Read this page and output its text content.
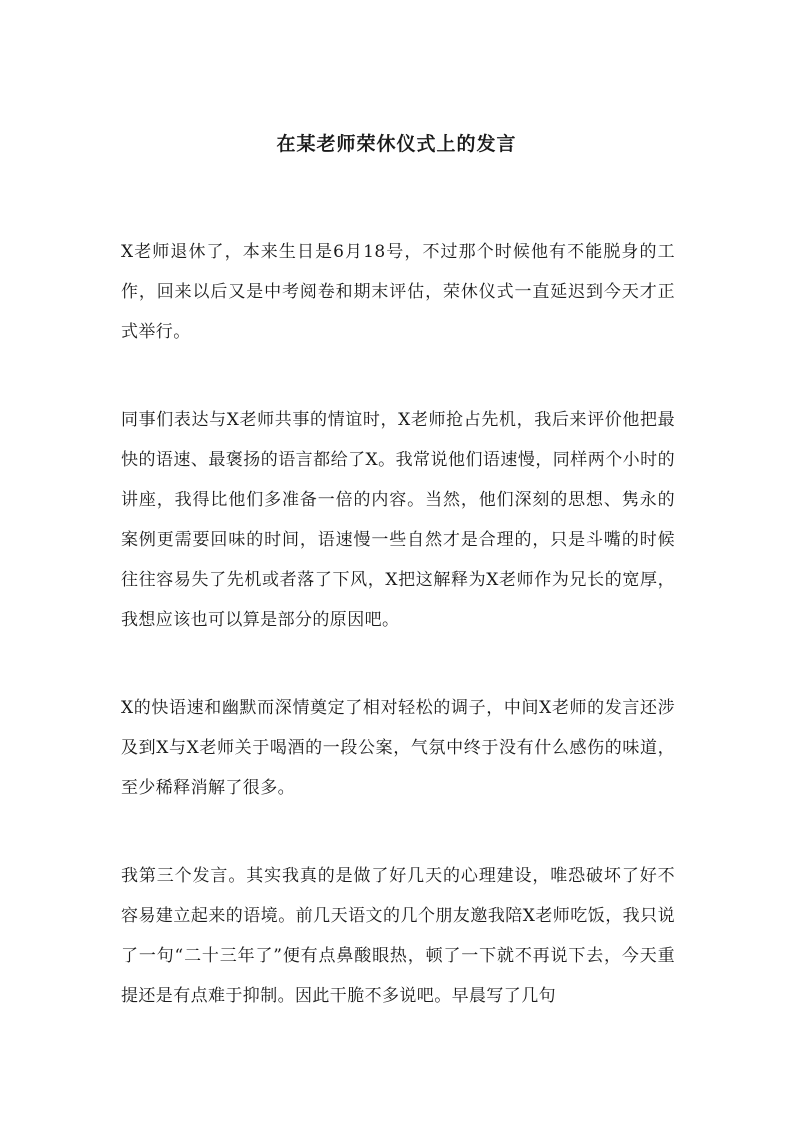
在某老师荣休仪式上的发言

X老师退休了，本来生日是6月18号，不过那个时候他有不能脱身的工作，回来以后又是中考阅卷和期末评估，荣休仪式一直延迟到今天才正式举行。

同事们表达与X老师共事的情谊时，X老师抢占先机，我后来评价他把最快的语速、最褒扬的语言都给了X。我常说他们语速慢，同样两个小时的讲座，我得比他们多准备一倍的内容。当然，他们深刻的思想、隽永的案例更需要回味的时间，语速慢一些自然才是合理的，只是斗嘴的时候往往容易失了先机或者落了下风，X把这解释为X老师作为兄长的宽厚，我想应该也可以算是部分的原因吧。

X的快语速和幽默而深情奠定了相对轻松的调子，中间X老师的发言还涉及到X与X老师关于喝酒的一段公案，气氛中终于没有什么感伤的味道，至少稀释消解了很多。

我第三个发言。其实我真的是做了好几天的心理建设，唯恐破坏了好不容易建立起来的语境。前几天语文的几个朋友邀我陪X老师吃饭，我只说了一句“二十三年了”便有点鼻酸眼热，顿了一下就不再说下去，今天重提还是有点难于抑制。因此干脆不多说吧。早晨写了几句
